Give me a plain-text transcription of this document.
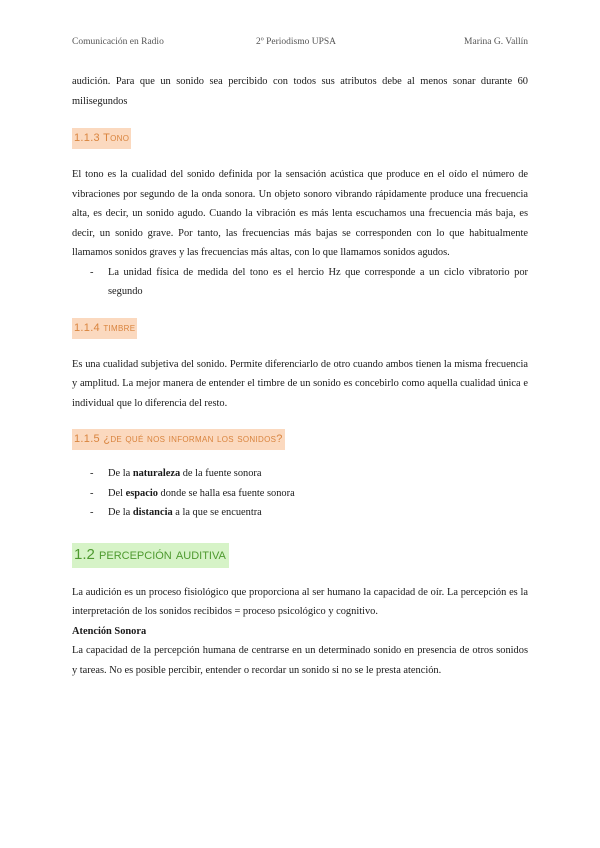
Comunicación en Radio	2º Periodismo UPSA	Marina G. Vallín

audición. Para que un sonido sea percibido con todos sus atributos debe al menos sonar durante 60 milisegundos

1.1.3 Tono

El tono es la cualidad del sonido definida por la sensación acústica que produce en el oído el número de vibraciones por segundo de la onda sonora. Un objeto sonoro vibrando rápidamente produce una frecuencia alta, es decir, un sonido agudo. Cuando la vibración es más lenta escuchamos una frecuencia más baja, es decir, un sonido grave. Por tanto, las frecuencias más bajas se corresponden con lo que habitualmente llamamos sonidos graves y las frecuencias más altas, con lo que llamamos sonidos agudos.

- La unidad física de medida del tono es el hercio Hz que corresponde a un ciclo vibratorio por segundo
1.1.4 timbre

Es una cualidad subjetiva del sonido. Permite diferenciarlo de otro cuando ambos tienen la misma frecuencia y amplitud. La mejor manera de entender el timbre de un sonido es concebirlo como aquella cualidad única e individual que lo diferencia del resto.

1.1.5 ¿de qué nos informan los sonidos?
- De la naturaleza de la fuente sonora
- Del espacio donde se halla esa fuente sonora
- De la distancia a la que se encuentra
1.2 percepción auditiva

La audición es un proceso fisiológico que proporciona al ser humano la capacidad de oír. La percepción es la interpretación de los sonidos recibidos = proceso psicológico y cognitivo.

Atención Sonora

La capacidad de la percepción humana de centrarse en un determinado sonido en presencia de otros sonidos y tareas. No es posible percibir, entender o recordar un sonido si no se le presta atención.
